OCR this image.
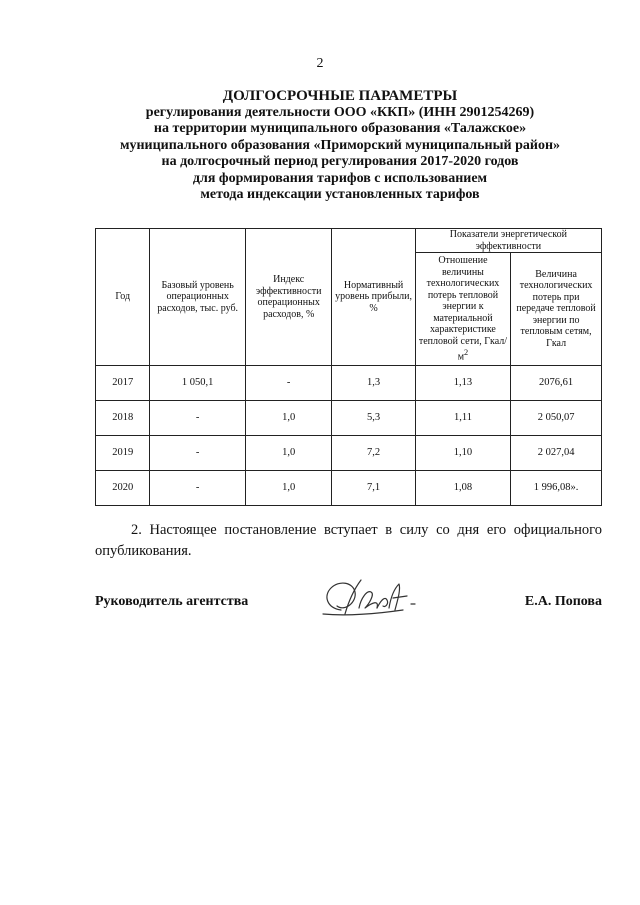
2
ДОЛГОСРОЧНЫЕ ПАРАМЕТРЫ
регулирования деятельности ООО «ККП» (ИНН 2901254269)
на территории муниципального образования «Талажское»
муниципального образования «Приморский муниципальный район»
на долгосрочный период регулирования 2017-2020 годов
для формирования тарифов с использованием
метода индексации установленных тарифов
Год	Базовый уровень операционных расходов, тыс. руб.	Индекс эффективности операционных расходов, %	Нормативный уровень прибыли, %	Показатели энергетической эффективности	
				Отношение величины технологических потерь тепловой энергии к материальной характеристике тепловой сети, Гкал/$м^2$	Величина технологических потерь при передаче тепловой энергии по тепловым сетям, Гкал
2017	1 050,1	-	1,3	1,13	2076,61
2018	-	1,0	5,3	1,11	2 050,07
2019	-	1,0	7,2	1,10	2 027,04
2020	-	1,0	7,1	1,08	1 996,08».
2. Настоящее постановление вступает в силу со дня его официального опубликования.
Руководитель агентства	Е.А. Попова
